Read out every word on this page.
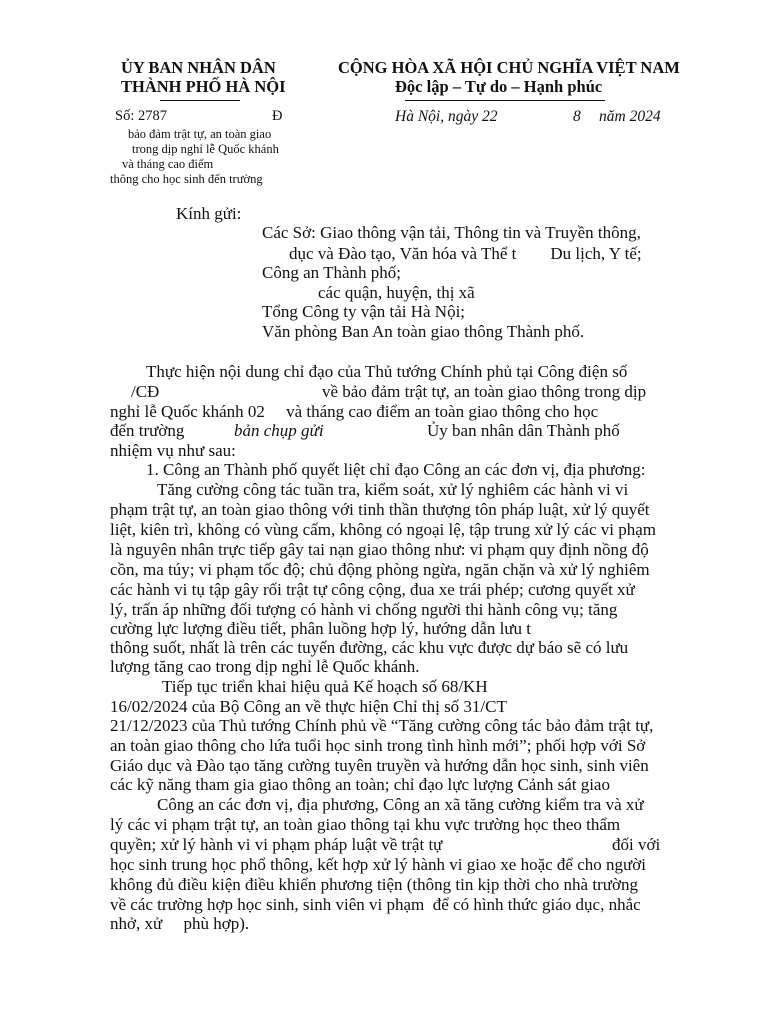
ỦY BAN NHÂN DÂN
THÀNH PHỐ HÀ NỘI
CỘNG HÒA XÃ HỘI CHỦ NGHĨA VIỆT NAM
Độc lập – Tự do – Hạnh phúc
Số: 2787	Đ	Hà Nội, ngày 22	8 năm 2024
bảo đảm trật tự, an toàn giao
trong dịp nghỉ lễ Quốc khánh
và tháng cao điểm
thông cho học sinh đến trường
Kính gửi:
Các Sở: Giao thông vận tải, Thông tin và Truyền thông,
dục và Đào tạo, Văn hóa và Thể t        Du lịch, Y tế;
Công an Thành phố;
các quận, huyện, thị xã
Tổng Công ty vận tải Hà Nội;
Văn phòng Ban An toàn giao thông Thành phố.
Thực hiện nội dung chỉ đạo của Thủ tướng Chính phủ tại Công điện số
/CĐ	về bảo đảm trật tự, an toàn giao thông trong dịp
nghỉ lễ Quốc khánh 02     và tháng cao điểm an toàn giao thông cho học
đến trường	bản chụp gửi	Ủy ban nhân dân Thành phố
nhiệm vụ như sau:
1. Công an Thành phố quyết liệt chỉ đạo Công an các đơn vị, địa phương:
Tăng cường công tác tuần tra, kiểm soát, xử lý nghiêm các hành vi vi
phạm trật tự, an toàn giao thông với tinh thần thượng tôn pháp luật, xử lý quyết
liệt, kiên trì, không có vùng cấm, không có ngoại lệ, tập trung xử lý các vi phạm
là nguyên nhân trực tiếp gây tai nạn giao thông như: vi phạm quy định nồng độ
cồn, ma túy; vi phạm tốc độ; chủ động phòng ngừa, ngăn chặn và xử lý nghiêm
các hành vi tụ tập gây rối trật tự công cộng, đua xe trái phép; cương quyết xử
lý, trấn áp những đối tượng có hành vi chống người thi hành công vụ; tăng
cường lực lượng điều tiết, phân luồng hợp lý, hướng dẫn lưu t
thông suốt, nhất là trên các tuyến đường, các khu vực được dự báo sẽ có lưu
lượng tăng cao trong dịp nghỉ lễ Quốc khánh.
Tiếp tục triển khai hiệu quả Kế hoạch số 68/KH
16/02/2024 của Bộ Công an về thực hiện Chỉ thị số 31/CT
21/12/2023 của Thủ tướng Chính phủ về “Tăng cường công tác bảo đảm trật tự,
an toàn giao thông cho lứa tuổi học sinh trong tình hình mới”; phối hợp với Sở
Giáo dục và Đào tạo tăng cường tuyên truyền và hướng dẫn học sinh, sinh viên
các kỹ năng tham gia giao thông an toàn; chỉ đạo lực lượng Cảnh sát giao
Công an các đơn vị, địa phương, Công an xã tăng cường kiểm tra và xử
lý các vi phạm trật tự, an toàn giao thông tại khu vực trường học theo thẩm
quyền; xử lý hành vi vi phạm pháp luật về trật tự	đối với
học sinh trung học phổ thông, kết hợp xử lý hành vi giao xe hoặc để cho người
không đủ điều kiện điều khiển phương tiện (thông tin kịp thời cho nhà trường
về các trường hợp học sinh, sinh viên vi phạm  để có hình thức giáo dục, nhắc
nhở, xử     phù hợp).
